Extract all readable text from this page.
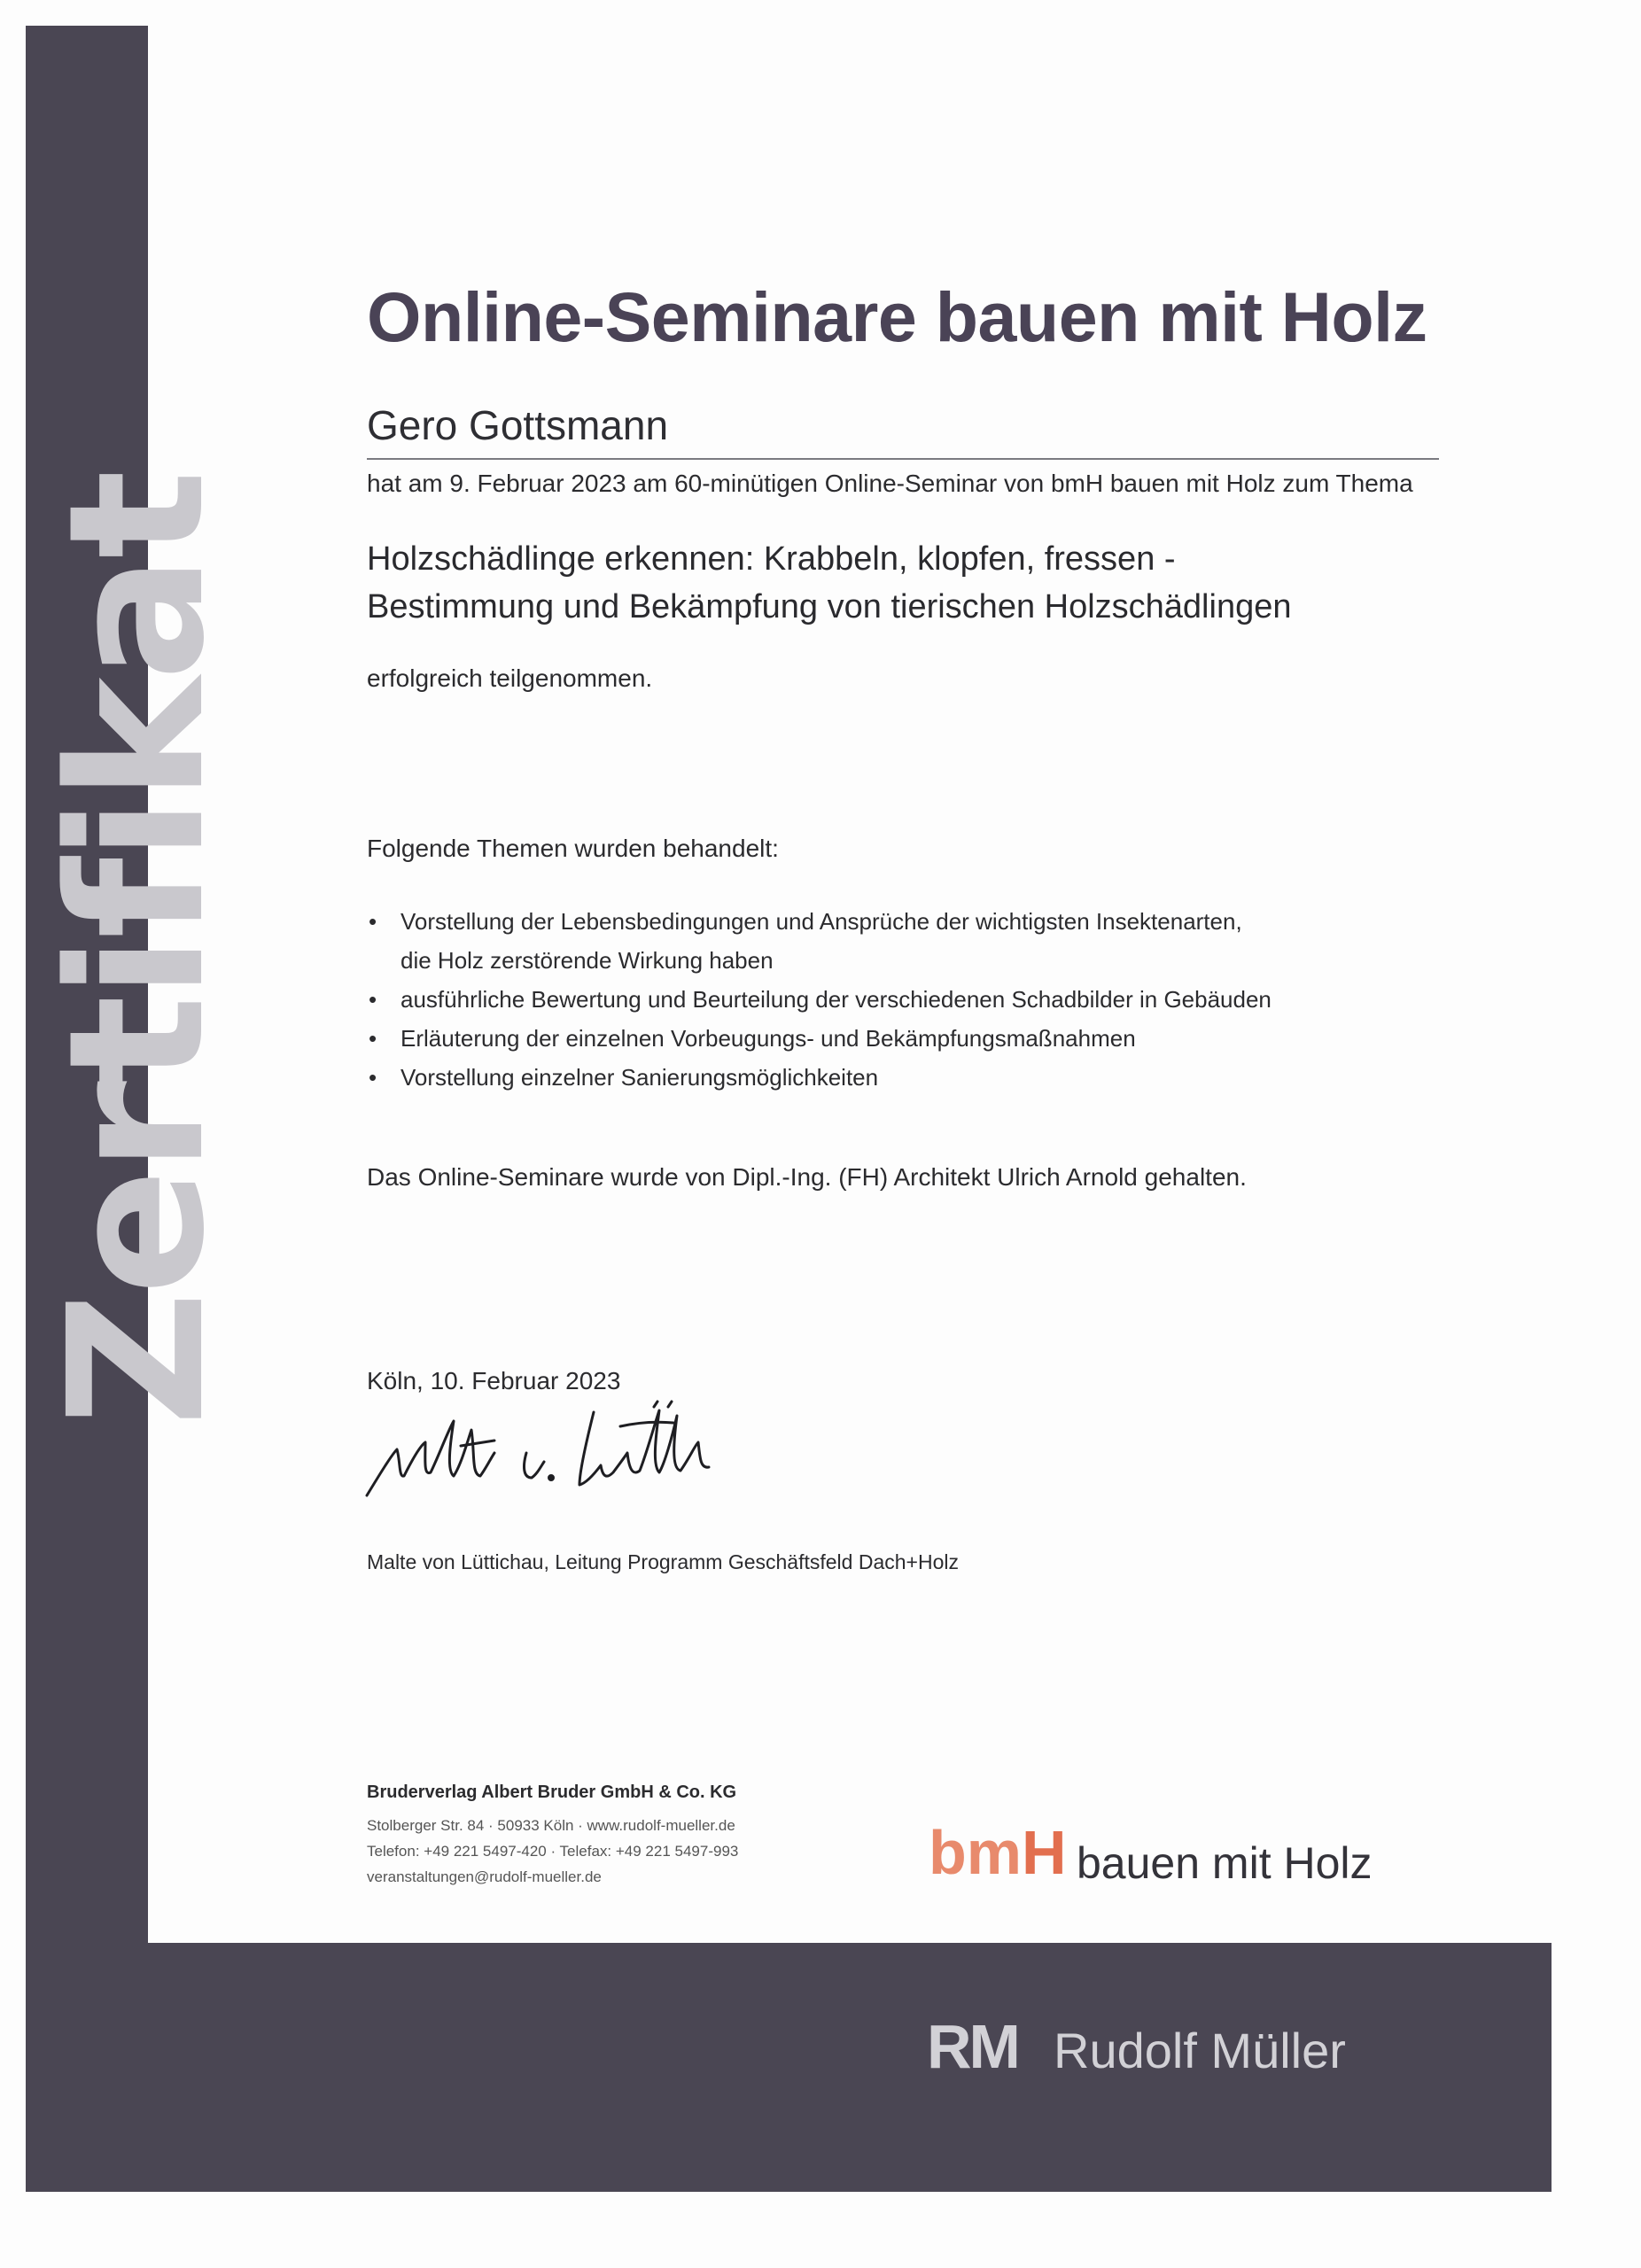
Zertifikat
Online-Seminare bauen mit Holz
Gero Gottsmann
hat am 9. Februar 2023 am 60-minütigen Online-Seminar von bmH bauen mit Holz zum Thema
Holzschädlinge erkennen: Krabbeln, klopfen, fressen -
Bestimmung und Bekämpfung von tierischen Holzschädlingen
erfolgreich teilgenommen.
Folgende Themen wurden behandelt:
• Vorstellung der Lebensbedingungen und Ansprüche der wichtigsten Insektenarten,
die Holz zerstörende Wirkung haben
• ausführliche Bewertung und Beurteilung der verschiedenen Schadbilder in Gebäuden
• Erläuterung der einzelnen Vorbeugungs- und Bekämpfungsmaßnahmen
• Vorstellung einzelner Sanierungsmöglichkeiten
Das Online-Seminare wurde von Dipl.-Ing. (FH) Architekt Ulrich Arnold gehalten.
Köln, 10. Februar 2023
Malte von Lüttichau, Leitung Programm Geschäftsfeld Dach+Holz
Bruderverlag Albert Bruder GmbH & Co. KG
Stolberger Str. 84 · 50933 Köln · www.rudolf-mueller.de
Telefon: +49 221 5497-420 · Telefax: +49 221 5497-993
veranstaltungen@rudolf-mueller.de	bmH bauen mit Holz
RM Rudolf Müller
